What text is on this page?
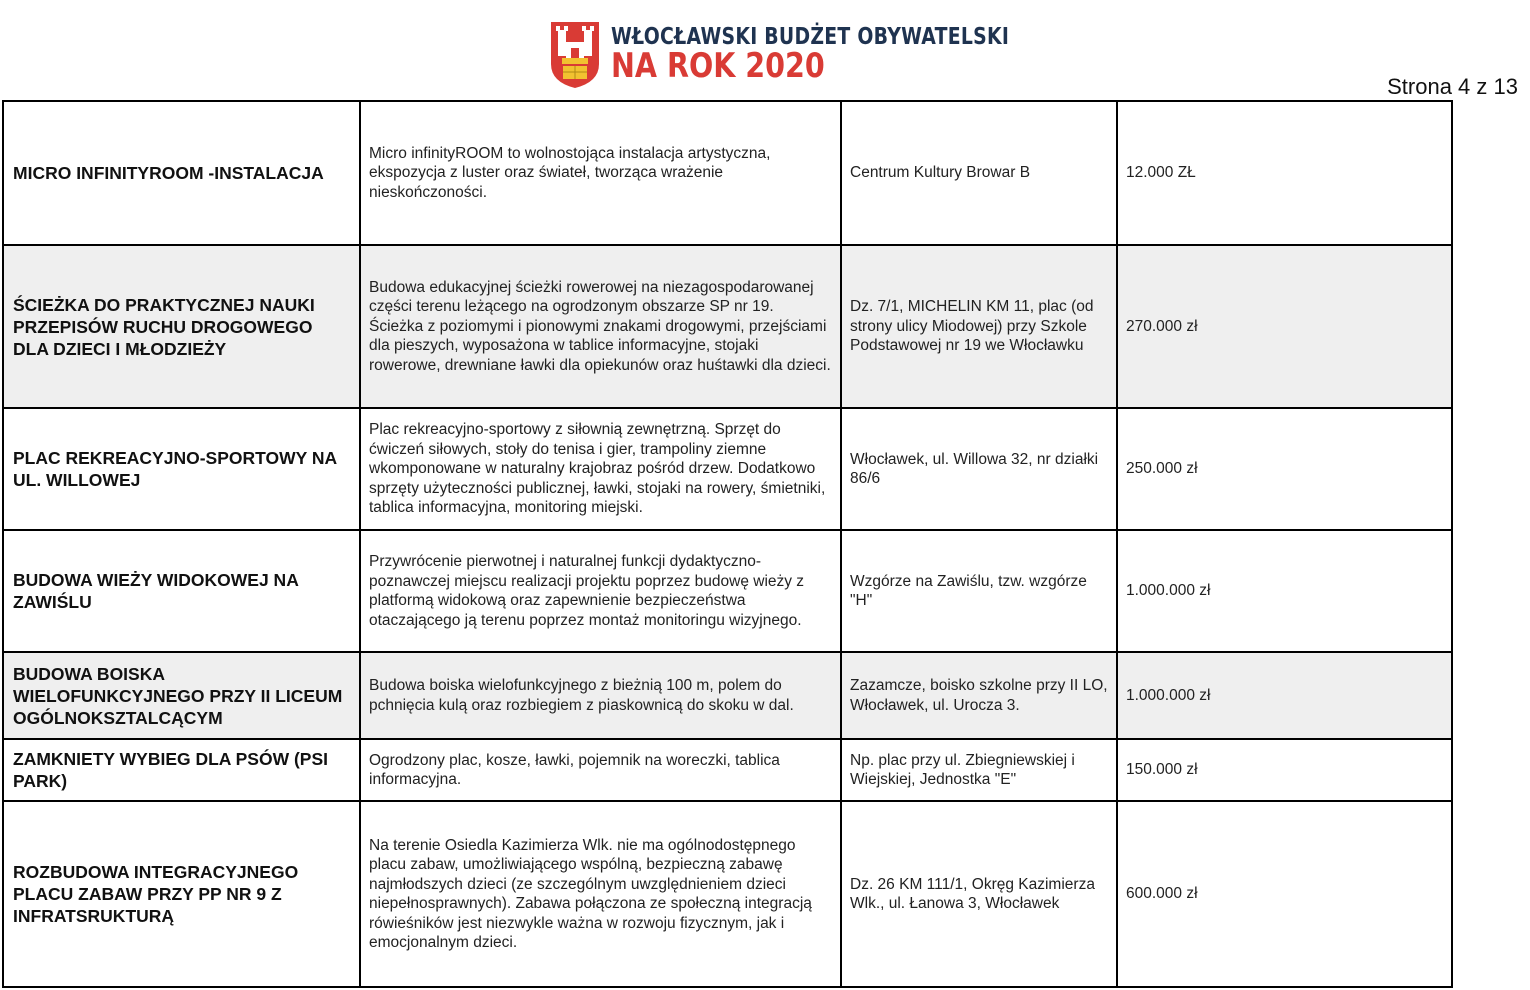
WŁOCŁAWSKI BUDŻET OBYWATELSKI
NA ROK 2020
Strona 4 z 13
MICRO INFINITYROOM -INSTALACJA	Micro infinityROOM to wolnostojąca instalacja artystyczna, ekspozycja z luster oraz świateł, tworząca wrażenie nieskończoności.	Centrum Kultury Browar B	12.000 ZŁ
ŚCIEŻKA DO PRAKTYCZNEJ NAUKI PRZEPISÓW RUCHU DROGOWEGO DLA DZIECI I MŁODZIEŻY	Budowa edukacyjnej ścieżki rowerowej na niezagospodarowanej części terenu leżącego na ogrodzonym obszarze SP nr 19. Ścieżka z poziomymi i pionowymi znakami drogowymi, przejściami dla pieszych, wyposażona w tablice informacyjne, stojaki rowerowe, drewniane ławki dla opiekunów oraz huśtawki dla dzieci.	Dz. 7/1, MICHELIN KM 11, plac (od strony ulicy Miodowej) przy Szkole Podstawowej nr 19 we Włocławku	270.000 zł
PLAC REKREACYJNO-SPORTOWY NA UL. WILLOWEJ	Plac rekreacyjno-sportowy z siłownią zewnętrzną. Sprzęt do ćwiczeń siłowych, stoły do tenisa i gier, trampoliny ziemne wkomponowane w naturalny krajobraz pośród drzew. Dodatkowo sprzęty użyteczności publicznej, ławki, stojaki na rowery, śmietniki, tablica informacyjna, monitoring miejski.	Włocławek, ul. Willowa 32, nr działki 86/6	250.000 zł
BUDOWA WIEŻY WIDOKOWEJ NA ZAWIŚLU	Przywrócenie pierwotnej i naturalnej funkcji dydaktyczno-poznawczej miejscu realizacji projektu poprzez budowę wieży z platformą widokową oraz zapewnienie bezpieczeństwa otaczającego ją terenu poprzez montaż monitoringu wizyjnego.	Wzgórze na Zawiślu, tzw. wzgórze "H"	1.000.000 zł
BUDOWA BOISKA WIELOFUNKCYJNEGO PRZY II LICEUM OGÓLNOKSZTALCĄCYM	Budowa boiska wielofunkcyjnego z bieżnią 100 m, polem do pchnięcia kulą oraz rozbiegiem z piaskownicą do skoku w dal.	Zazamcze, boisko szkolne przy II LO, Włocławek, ul. Urocza 3.	1.000.000 zł
ZAMKNIETY WYBIEG DLA PSÓW (PSI PARK)	Ogrodzony plac, kosze, ławki, pojemnik na woreczki, tablica informacyjna.	Np. plac przy ul. Zbiegniewskiej i Wiejskiej, Jednostka "E"	150.000 zł
ROZBUDOWA INTEGRACYJNEGO PLACU ZABAW PRZY PP NR 9 Z INFRATSRUKTURĄ	Na terenie Osiedla Kazimierza Wlk. nie ma ogólnodostępnego placu zabaw, umożliwiającego wspólną, bezpieczną zabawę najmłodszych dzieci (ze szczególnym uwzględnieniem dzieci niepełnosprawnych). Zabawa połączona ze społeczną integracją rówieśników jest niezwykle ważna w rozwoju fizycznym, jak i emocjonalnym dzieci.	Dz. 26 KM 111/1, Okręg Kazimierza Wlk., ul. Łanowa 3, Włocławek	600.000 zł
